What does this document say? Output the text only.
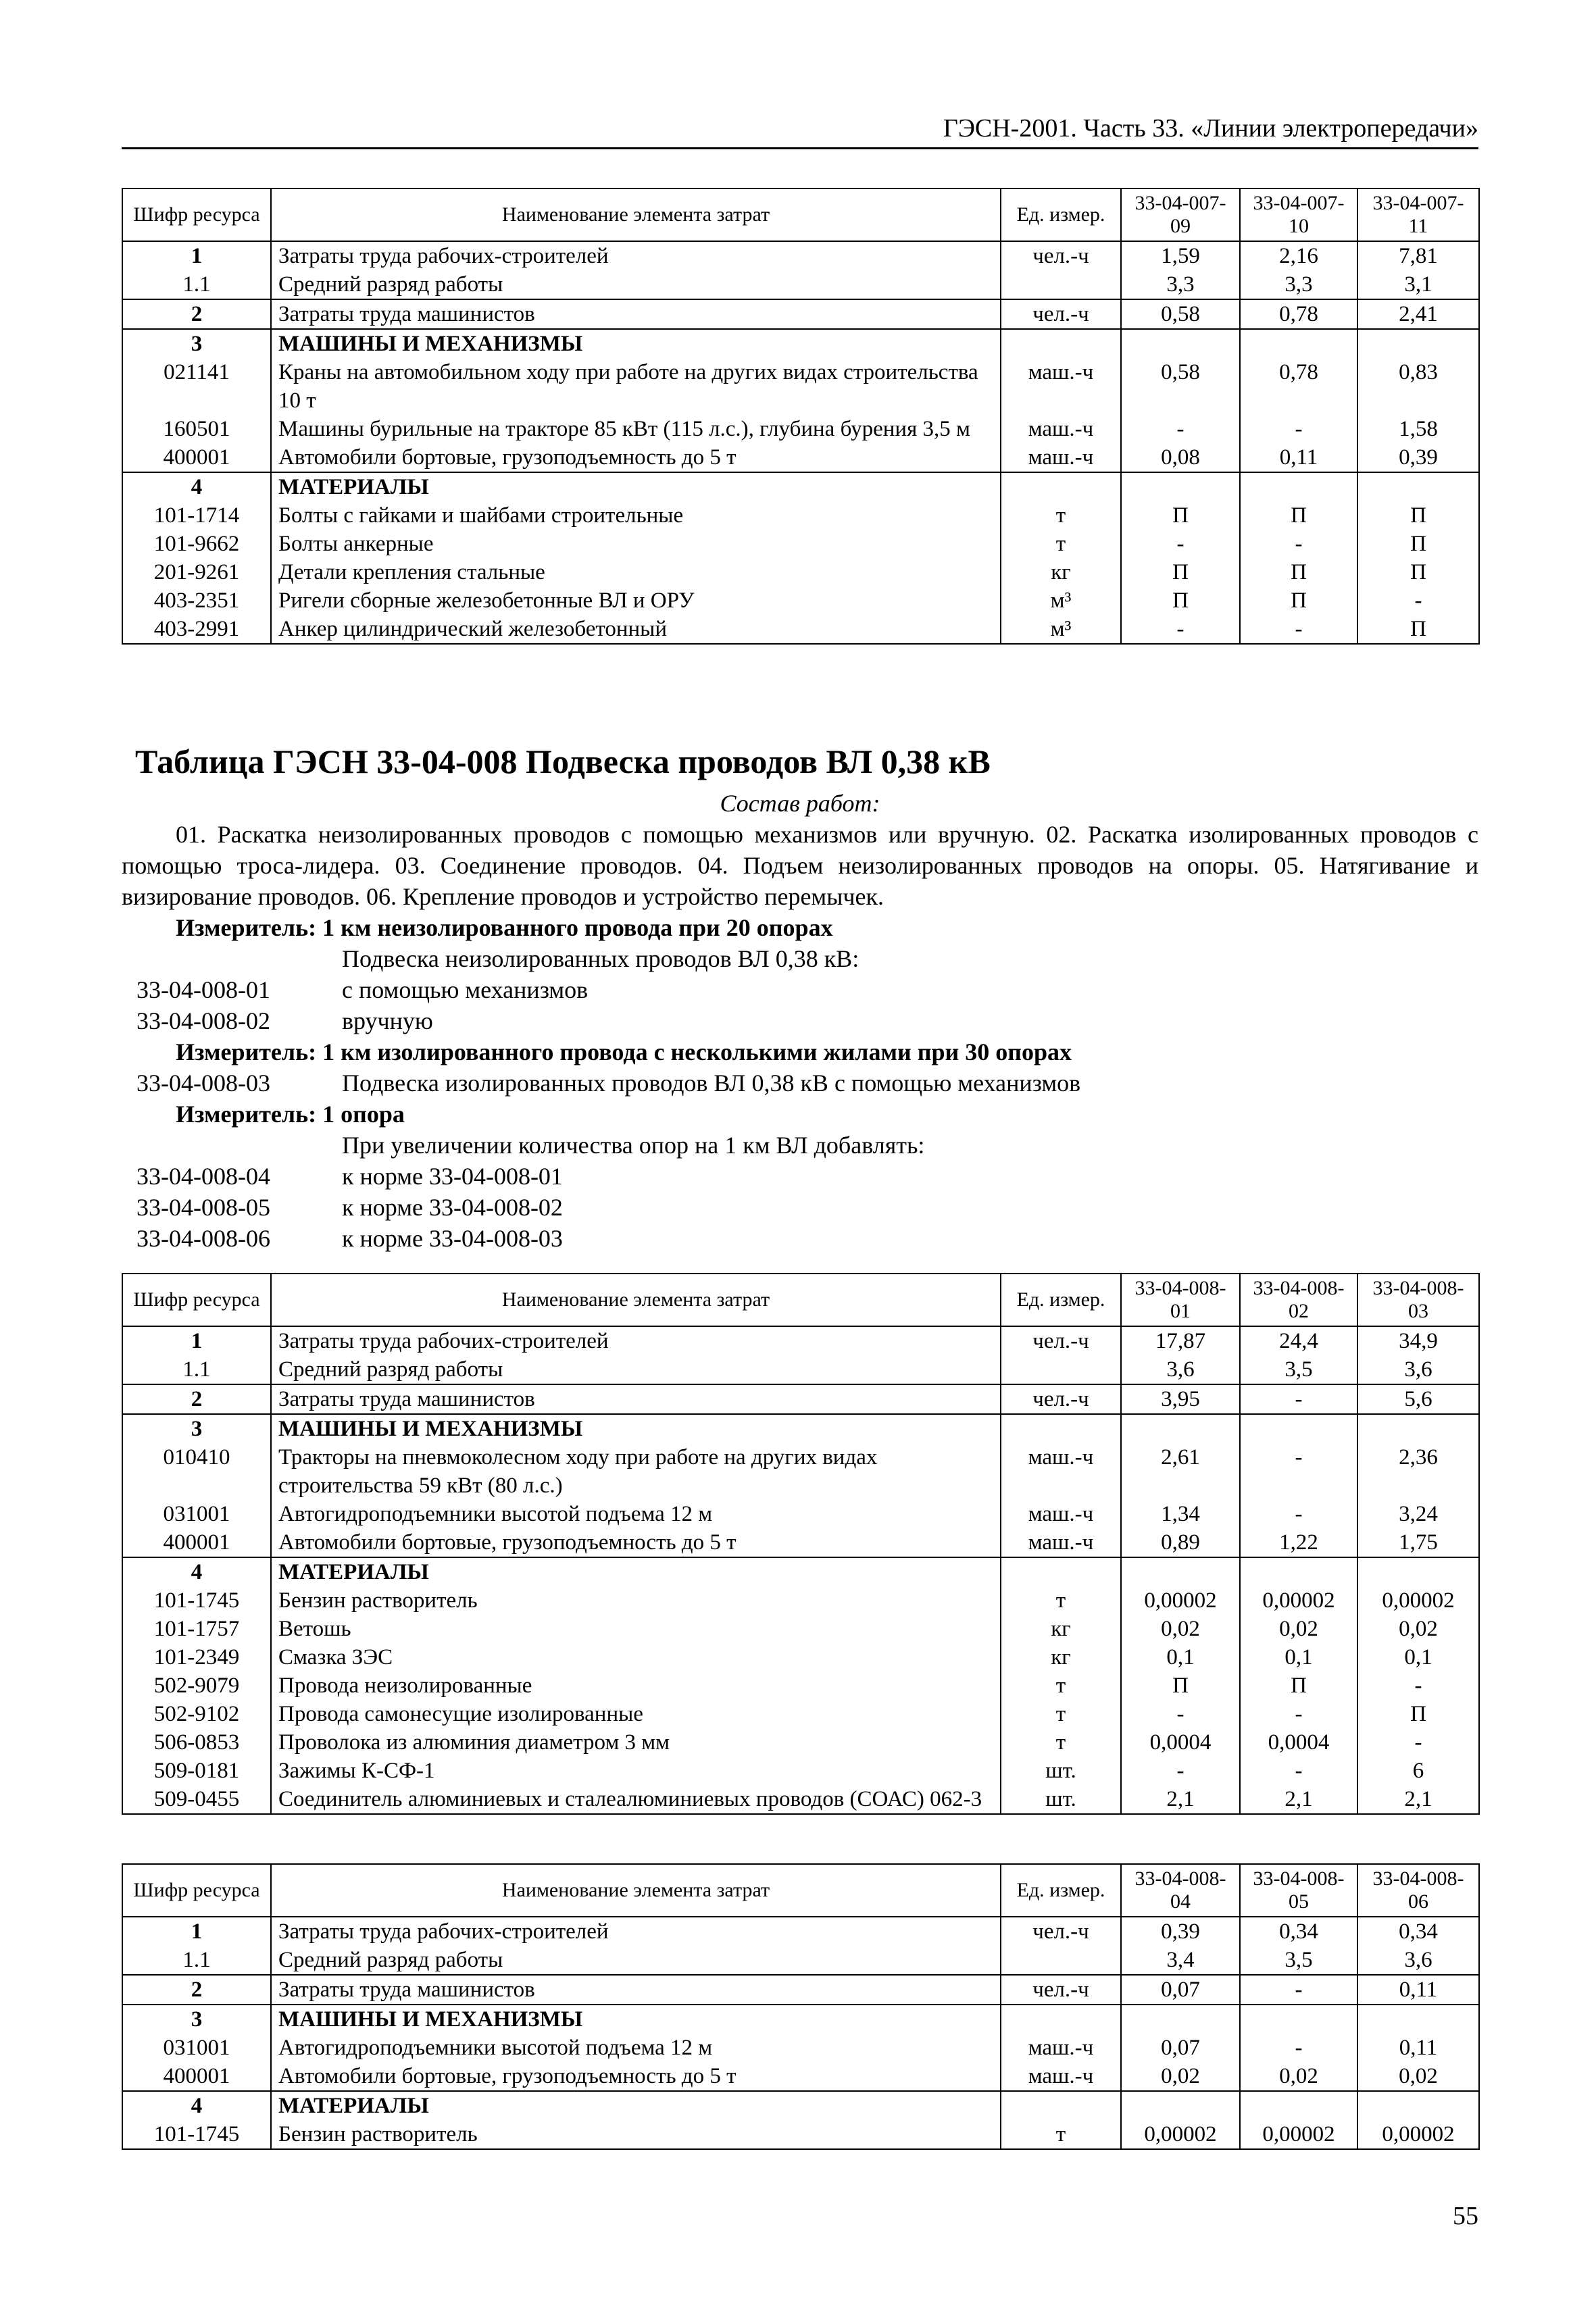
ГЭСН-2001. Часть 33. «Линии электропередачи»
Шифр ресурса	Наименование элемента затрат	Ед. измер.	33-04-007-09	33-04-007-10	33-04-007-11
1	Затраты труда рабочих-строителей	чел.-ч	1,59	2,16	7,81
1.1	Средний разряд работы		3,3	3,3	3,1
2	Затраты труда машинистов	чел.-ч	0,58	0,78	2,41
3	МАШИНЫ И МЕХАНИЗМЫ				
021141	Краны на автомобильном ходу при работе на других видах строительства 10 т	маш.-ч	0,58	0,78	0,83
160501	Машины бурильные на тракторе 85 кВт (115 л.с.), глубина бурения 3,5 м	маш.-ч	-	-	1,58
400001	Автомобили бортовые, грузоподъемность до 5 т	маш.-ч	0,08	0,11	0,39
4	МАТЕРИАЛЫ				
101-1714	Болты с гайками и шайбами строительные	т	П	П	П
101-9662	Болты анкерные	т	-	-	П
201-9261	Детали крепления стальные	кг	П	П	П
403-2351	Ригели сборные железобетонные ВЛ и ОРУ	м³	П	П	-
403-2991	Анкер цилиндрический железобетонный	м³	-	-	П
Таблица ГЭСН 33-04-008 Подвеска проводов ВЛ 0,38 кВ
Состав работ:
01. Раскатка неизолированных проводов с помощью механизмов или вручную. 02. Раскатка изолированных проводов с помощью троса-лидера. 03. Соединение проводов. 04. Подъем неизолированных проводов на опоры. 05. Натягивание и визирование проводов. 06. Крепление проводов и устройство перемычек.
Измеритель: 1 км неизолированного провода при 20 опорах
Подвеска неизолированных проводов ВЛ 0,38 кВ:
33-04-008-01	с помощью механизмов
33-04-008-02	вручную
Измеритель: 1 км изолированного провода с несколькими жилами при 30 опорах
33-04-008-03	Подвеска изолированных проводов ВЛ 0,38 кВ с помощью механизмов
Измеритель: 1 опора
При увеличении количества опор на 1 км ВЛ добавлять:
33-04-008-04	к норме 33-04-008-01
33-04-008-05	к норме 33-04-008-02
33-04-008-06	к норме 33-04-008-03
Шифр ресурса	Наименование элемента затрат	Ед. измер.	33-04-008-01	33-04-008-02	33-04-008-03
1	Затраты труда рабочих-строителей	чел.-ч	17,87	24,4	34,9
1.1	Средний разряд работы		3,6	3,5	3,6
2	Затраты труда машинистов	чел.-ч	3,95	-	5,6
3	МАШИНЫ И МЕХАНИЗМЫ				
010410	Тракторы на пневмоколесном ходу при работе на других видах строительства 59 кВт (80 л.с.)	маш.-ч	2,61	-	2,36
031001	Автогидроподъемники высотой подъема 12 м	маш.-ч	1,34	-	3,24
400001	Автомобили бортовые, грузоподъемность до 5 т	маш.-ч	0,89	1,22	1,75
4	МАТЕРИАЛЫ				
101-1745	Бензин растворитель	т	0,00002	0,00002	0,00002
101-1757	Ветошь	кг	0,02	0,02	0,02
101-2349	Смазка ЗЭС	кг	0,1	0,1	0,1
502-9079	Провода неизолированные	т	П	П	-
502-9102	Провода самонесущие изолированные	т	-	-	П
506-0853	Проволока из алюминия диаметром 3 мм	т	0,0004	0,0004	-
509-0181	Зажимы К-СФ-1	шт.	-	-	6
509-0455	Соединитель алюминиевых и сталеалюминиевых проводов (СОАС) 062-3	шт.	2,1	2,1	2,1
Шифр ресурса	Наименование элемента затрат	Ед. измер.	33-04-008-04	33-04-008-05	33-04-008-06
1	Затраты труда рабочих-строителей	чел.-ч	0,39	0,34	0,34
1.1	Средний разряд работы		3,4	3,5	3,6
2	Затраты труда машинистов	чел.-ч	0,07	-	0,11
3	МАШИНЫ И МЕХАНИЗМЫ				
031001	Автогидроподъемники высотой подъема 12 м	маш.-ч	0,07	-	0,11
400001	Автомобили бортовые, грузоподъемность до 5 т	маш.-ч	0,02	0,02	0,02
4	МАТЕРИАЛЫ				
101-1745	Бензин растворитель	т	0,00002	0,00002	0,00002
55
